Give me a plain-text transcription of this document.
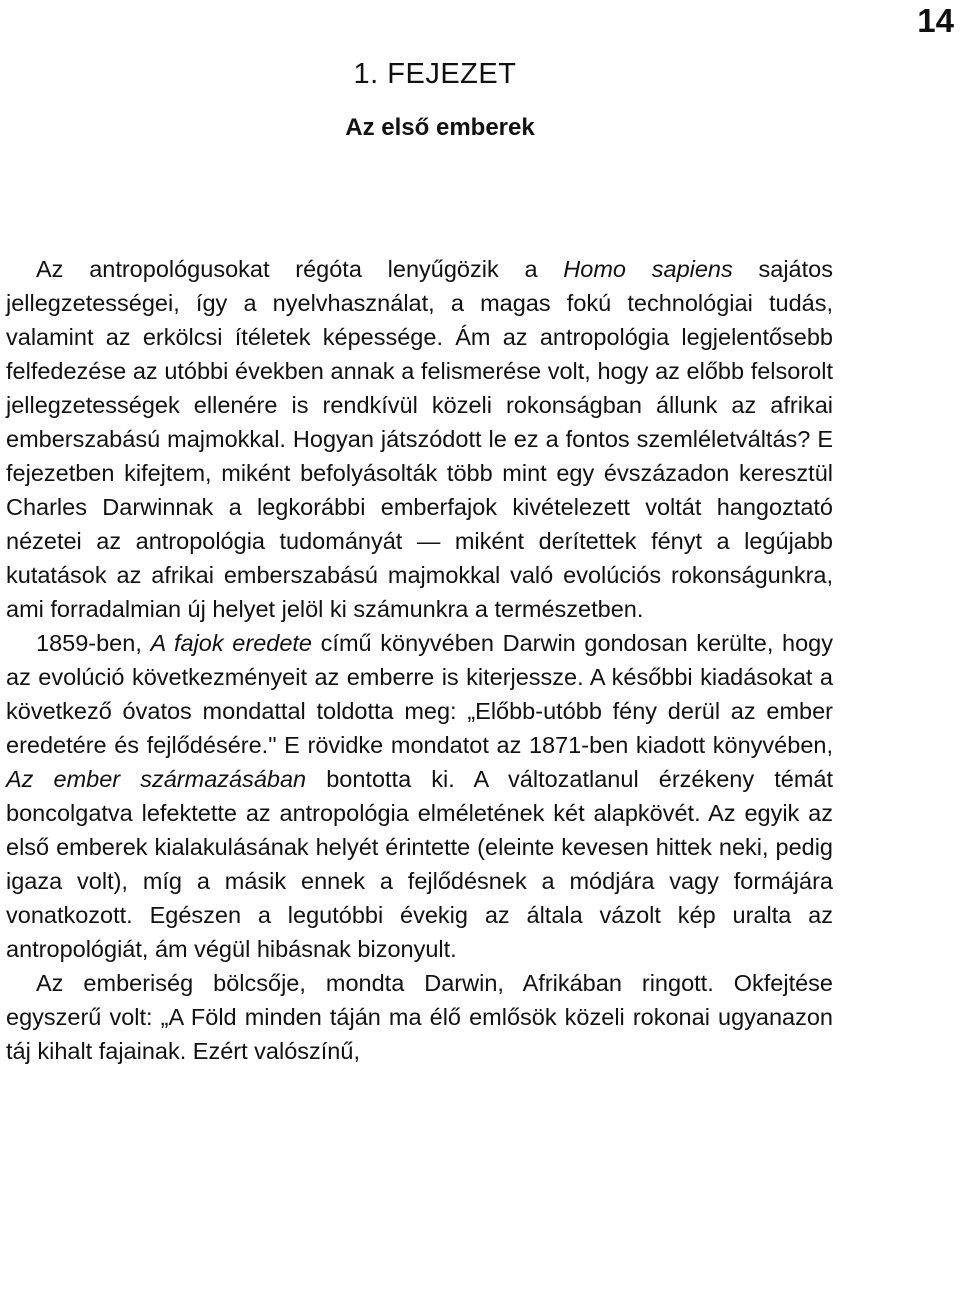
14
1. FEJEZET
Az első emberek

Az antropológusokat régóta lenyűgözik a Homo sapiens sajátos jellegzetességei, így a nyelvhasználat, a magas fokú technológiai tudás, valamint az erkölcsi ítéletek képessége. Ám az antropológia legjelentősebb felfedezése az utóbbi években annak a felismerése volt, hogy az előbb felsorolt jellegzetességek ellenére is rendkívül közeli rokonságban állunk az afrikai emberszabású majmokkal. Hogyan játszódott le ez a fontos szemléletváltás? E fejezetben kifejtem, miként befolyásolták több mint egy évszázadon keresztül Charles Darwinnak a legkorábbi emberfajok kivételezett voltát hangoztató nézetei az antropológia tudományát — miként derítettek fényt a legújabb kutatások az afrikai emberszabású majmokkal való evolúciós rokonságunkra, ami forradalmian új helyet jelöl ki számunkra a természetben.

1859-ben, A fajok eredete című könyvében Darwin gondosan kerülte, hogy az evolúció következményeit az emberre is kiterjessze. A későbbi kiadásokat a következő óvatos mondattal toldotta meg: „Előbb-utóbb fény derül az ember eredetére és fejlődésére." E rövidke mondatot az 1871-ben kiadott könyvében, Az ember származásában bontotta ki. A változatlanul érzékeny témát boncolgatva lefektette az antropológia elméletének két alapkövét. Az egyik az első emberek kialakulásának helyét érintette (eleinte kevesen hittek neki, pedig igaza volt), míg a másik ennek a fejlődésnek a módjára vagy formájára vonatkozott. Egészen a legutóbbi évekig az általa vázolt kép uralta az antropológiát, ám végül hibásnak bizonyult.

Az emberiség bölcsője, mondta Darwin, Afrikában ringott. Okfejtése egyszerű volt: „A Föld minden táján ma élő emlősök közeli rokonai ugyanazon táj kihalt fajainak. Ezért valószínű,
